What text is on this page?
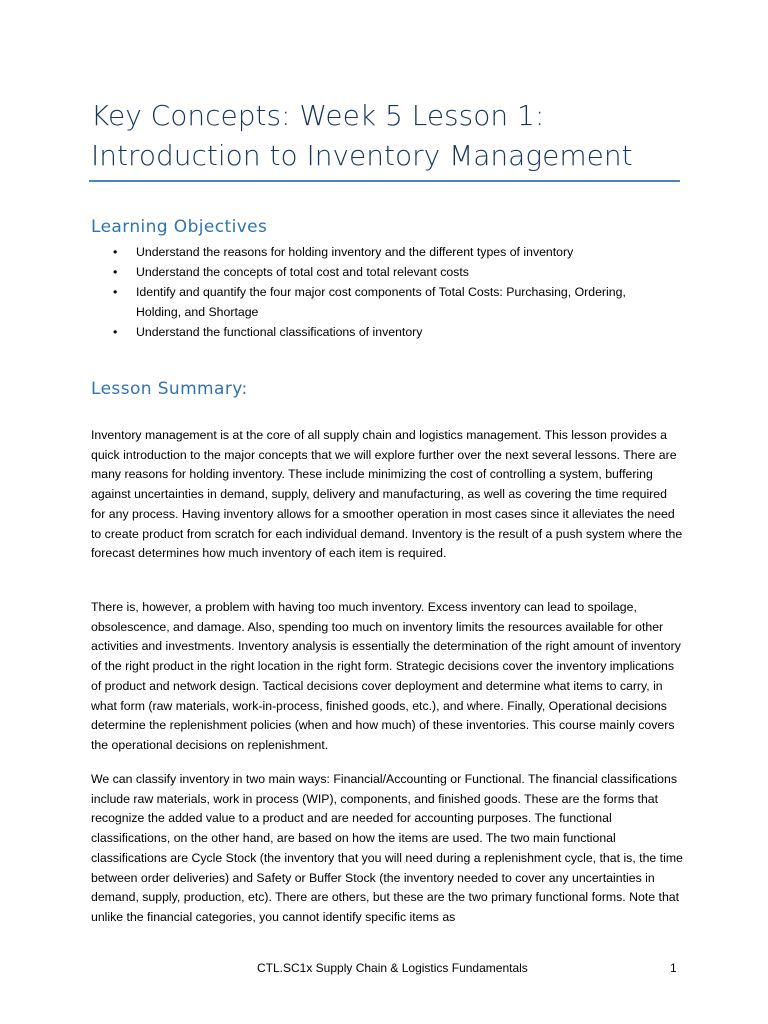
Key Concepts: Week 5 Lesson 1:
Introduction to Inventory Management
Learning Objectives
• Understand the reasons for holding inventory and the different types of inventory
• Understand the concepts of total cost and total relevant costs
• Identify and quantify the four major cost components of Total Costs: Purchasing, Ordering, Holding, and Shortage
• Understand the functional classifications of inventory
Lesson Summary:

Inventory management is at the core of all supply chain and logistics management. This lesson provides a quick introduction to the major concepts that we will explore further over the next several lessons. There are many reasons for holding inventory. These include minimizing the cost of controlling a system, buffering against uncertainties in demand, supply, delivery and manufacturing, as well as covering the time required for any process. Having inventory allows for a smoother operation in most cases since it alleviates the need to create product from scratch for each individual demand. Inventory is the result of a push system where the forecast determines how much inventory of each item is required.

There is, however, a problem with having too much inventory. Excess inventory can lead to spoilage, obsolescence, and damage. Also, spending too much on inventory limits the resources available for other activities and investments. Inventory analysis is essentially the determination of the right amount of inventory of the right product in the right location in the right form. Strategic decisions cover the inventory implications of product and network design. Tactical decisions cover deployment and determine what items to carry, in what form (raw materials, work-in-process, finished goods, etc.), and where. Finally, Operational decisions determine the replenishment policies (when and how much) of these inventories. This course mainly covers the operational decisions on replenishment.

We can classify inventory in two main ways: Financial/Accounting or Functional. The financial classifications include raw materials, work in process (WIP), components, and finished goods. These are the forms that recognize the added value to a product and are needed for accounting purposes. The functional classifications, on the other hand, are based on how the items are used. The two main functional classifications are Cycle Stock (the inventory that you will need during a replenishment cycle, that is, the time between order deliveries) and Safety or Buffer Stock (the inventory needed to cover any uncertainties in demand, supply, production, etc). There are others, but these are the two primary functional forms. Note that unlike the financial categories, you cannot identify specific items as

CTL.SC1x Supply Chain & Logistics Fundamentals	1
